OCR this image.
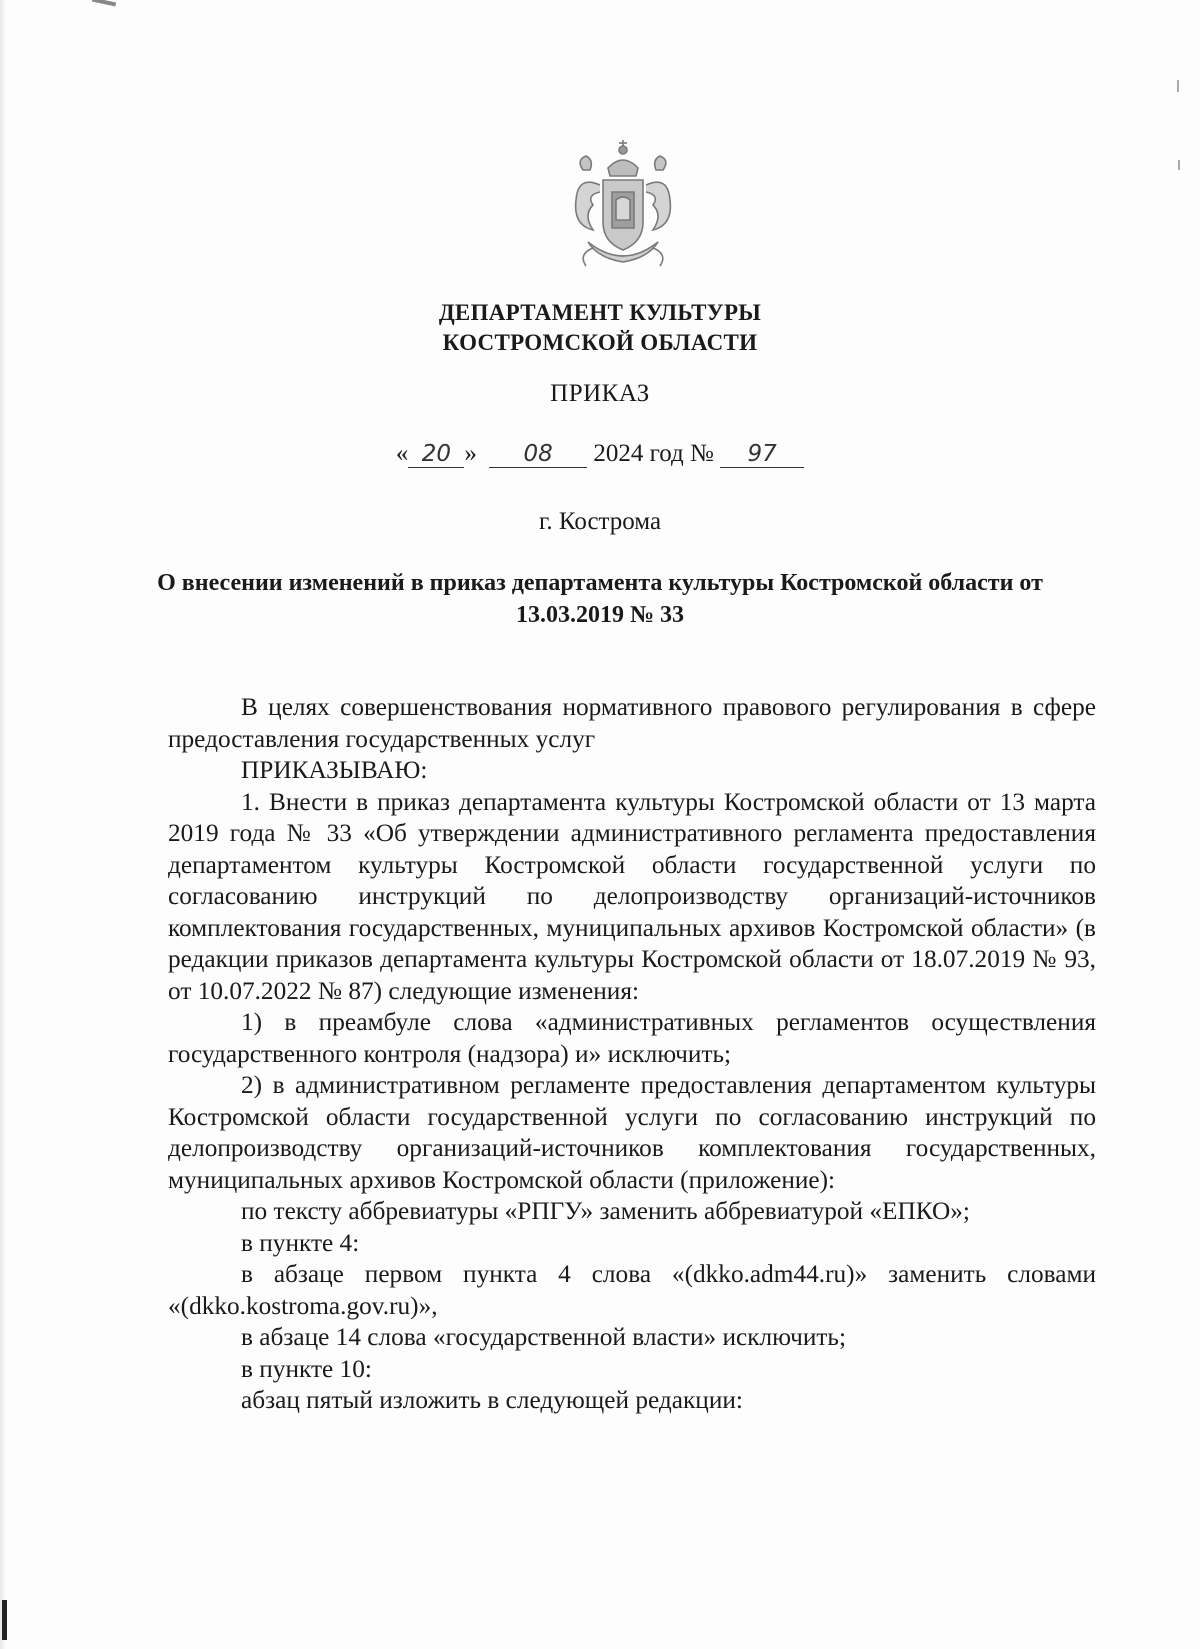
ДЕПАРТАМЕНТ КУЛЬТУРЫ
КОСТРОМСКОЙ ОБЛАСТИ
ПРИКАЗ
« 20 » 08 2024 год № 97
г. Кострома
О внесении изменений в приказ департамента культуры Костромской области от 13.03.2019 № 33

В целях совершенствования нормативного правового регулирования в сфере предоставления государственных услуг

ПРИКАЗЫВАЮ:

1. Внести в приказ департамента культуры Костромской области от 13 марта 2019 года № 33 «Об утверждении административного регламента предоставления департаментом культуры Костромской области государственной услуги по согласованию инструкций по делопроизводству организаций-источников комплектования государственных, муниципальных архивов Костромской области» (в редакции приказов департамента культуры Костромской области от 18.07.2019 № 93, от 10.07.2022 № 87) следующие изменения:

1) в преамбуле слова «административных регламентов осуществления государственного контроля (надзора) и» исключить;

2) в административном регламенте предоставления департаментом культуры Костромской области государственной услуги по согласованию инструкций по делопроизводству организаций-источников комплектования государственных, муниципальных архивов Костромской области (приложение):

по тексту аббревиатуры «РПГУ» заменить аббревиатурой «ЕПКО»;

в пункте 4:

в абзаце первом пункта 4 слова «(dkko.adm44.ru)» заменить словами «(dkko.kostroma.gov.ru)»,

в абзаце 14 слова «государственной власти» исключить;

в пункте 10:

абзац пятый изложить в следующей редакции:
